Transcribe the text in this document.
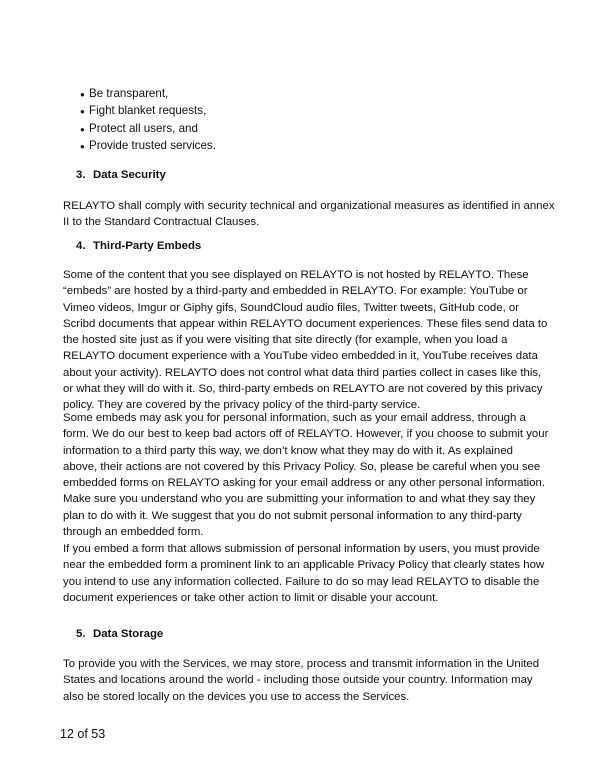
● Be transparent,
● Fight blanket requests,
● Protect all users, and
● Provide trusted services.
3. Data Security

RELAYTO shall comply with security technical and organizational measures as identified in annex
II to the Standard Contractual Clauses.

4. Third-Party Embeds

Some of the content that you see displayed on RELAYTO is not hosted by RELAYTO. These
“embeds” are hosted by a third-party and embedded in RELAYTO. For example: YouTube or
Vimeo videos, Imgur or Giphy gifs, SoundCloud audio files, Twitter tweets, GitHub code, or
Scribd documents that appear within RELAYTO document experiences. These files send data to
the hosted site just as if you were visiting that site directly (for example, when you load a
RELAYTO document experience with a YouTube video embedded in it, YouTube receives data
about your activity). RELAYTO does not control what data third parties collect in cases like this,
or what they will do with it. So, third-party embeds on RELAYTO are not covered by this privacy
policy. They are covered by the privacy policy of the third-party service.

Some embeds may ask you for personal information, such as your email address, through a
form. We do our best to keep bad actors off of RELAYTO. However, if you choose to submit your
information to a third party this way, we don’t know what they may do with it. As explained
above, their actions are not covered by this Privacy Policy. So, please be careful when you see
embedded forms on RELAYTO asking for your email address or any other personal information.
Make sure you understand who you are submitting your information to and what they say they
plan to do with it. We suggest that you do not submit personal information to any third-party
through an embedded form.

If you embed a form that allows submission of personal information by users, you must provide
near the embedded form a prominent link to an applicable Privacy Policy that clearly states how
you intend to use any information collected. Failure to do so may lead RELAYTO to disable the
document experiences or take other action to limit or disable your account.

5. Data Storage

To provide you with the Services, we may store, process and transmit information in the United
States and locations around the world - including those outside your country. Information may
also be stored locally on the devices you use to access the Services.

12 of 53
